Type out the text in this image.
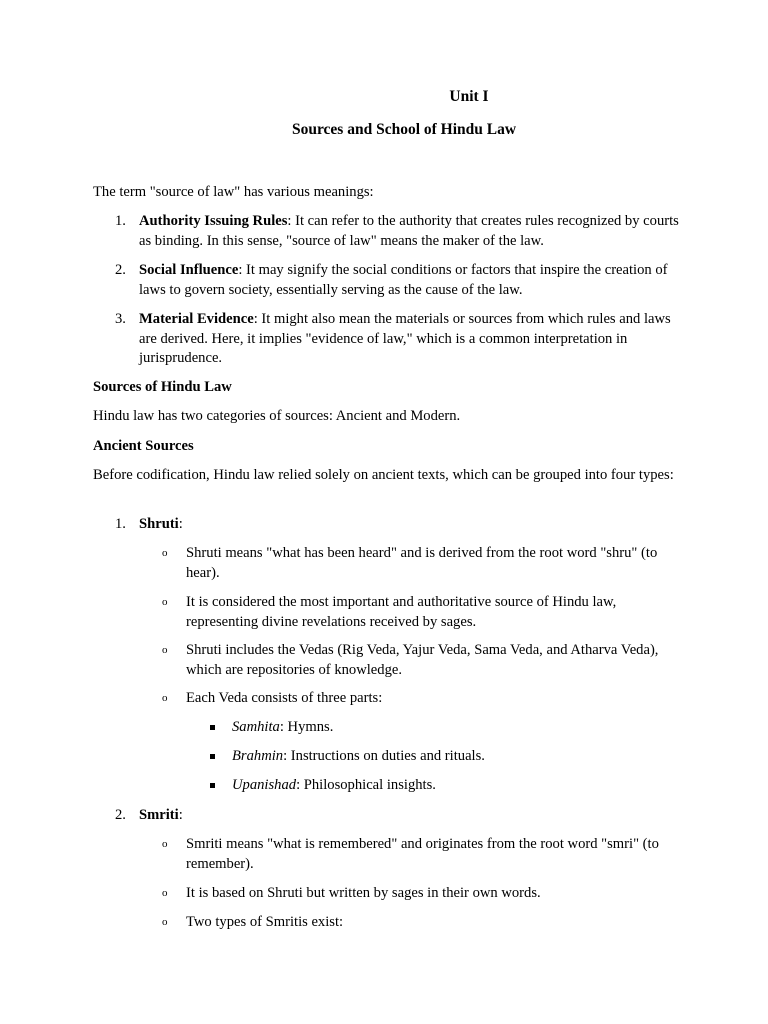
Unit I
Sources and School of Hindu Law
The term "source of law" has various meanings:
1. Authority Issuing Rules: It can refer to the authority that creates rules recognized by courts as binding. In this sense, "source of law" means the maker of the law.
2. Social Influence: It may signify the social conditions or factors that inspire the creation of laws to govern society, essentially serving as the cause of the law.
3. Material Evidence: It might also mean the materials or sources from which rules and laws are derived. Here, it implies "evidence of law," which is a common interpretation in jurisprudence.
Sources of Hindu Law
Hindu law has two categories of sources: Ancient and Modern.
Ancient Sources
Before codification, Hindu law relied solely on ancient texts, which can be grouped into four types:
1. Shruti:
o Shruti means "what has been heard" and is derived from the root word "shru" (to hear).
o It is considered the most important and authoritative source of Hindu law, representing divine revelations received by sages.
o Shruti includes the Vedas (Rig Veda, Yajur Veda, Sama Veda, and Atharva Veda), which are repositories of knowledge.
o Each Veda consists of three parts:
Samhita: Hymns.
Brahmin: Instructions on duties and rituals.
Upanishad: Philosophical insights.
2. Smriti:
o Smriti means "what is remembered" and originates from the root word "smri" (to remember).
o It is based on Shruti but written by sages in their own words.
o Two types of Smritis exist:
